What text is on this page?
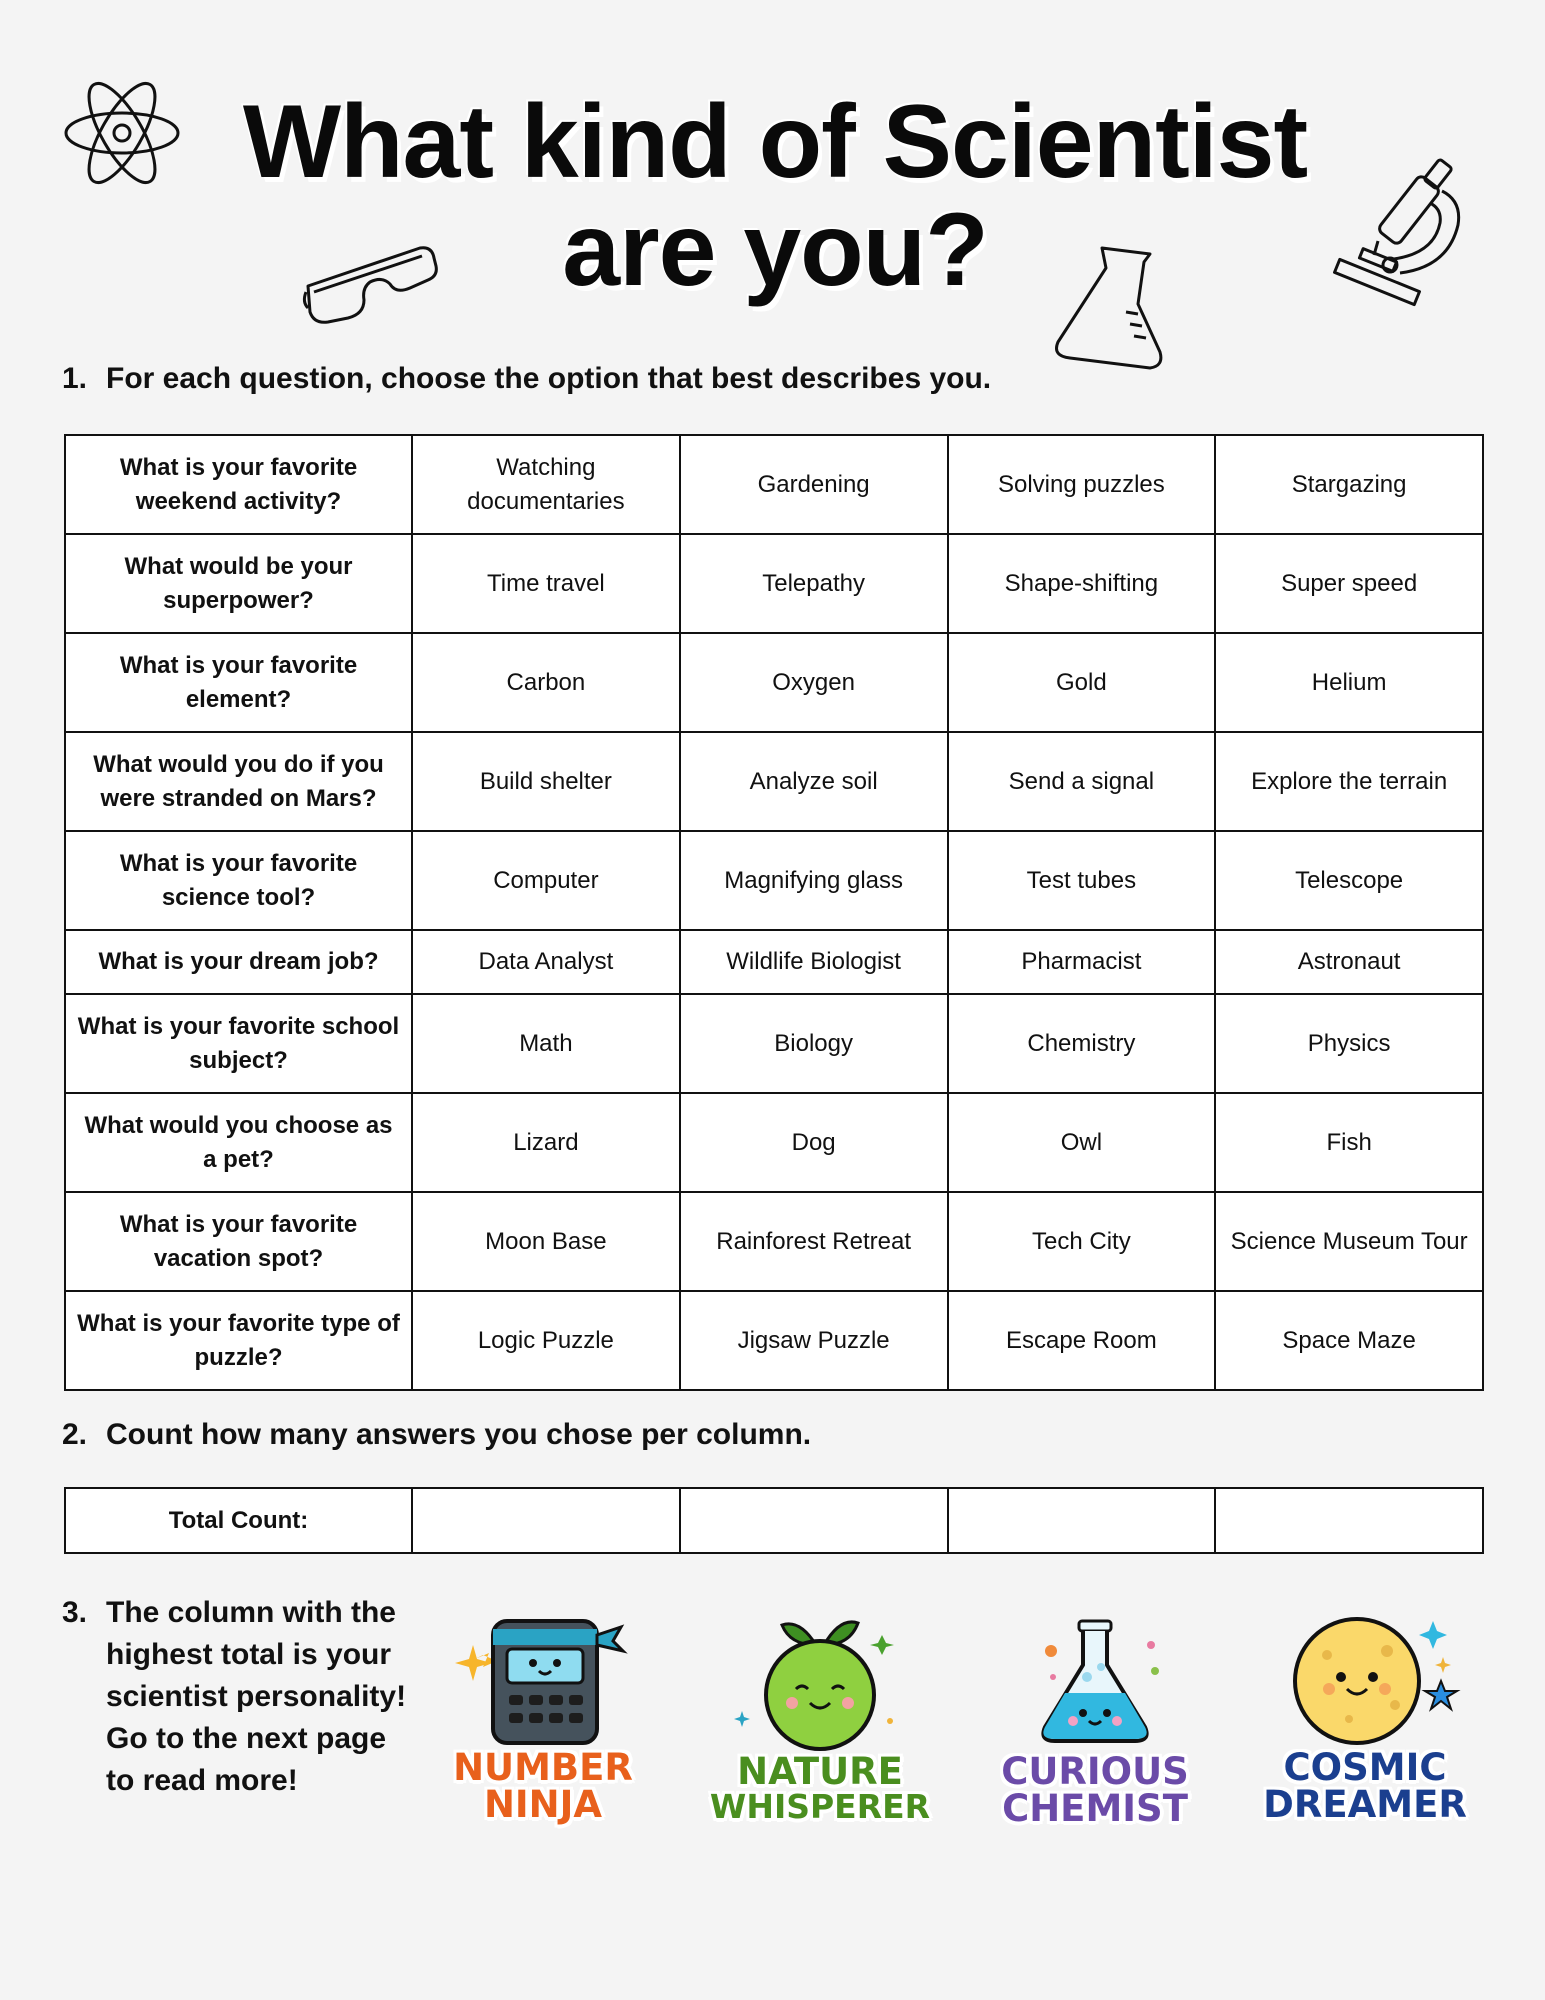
What kind of Scientist
are you?
1. For each question, choose the option that best describes you.
What is your favorite weekend activity?	Watching documentaries	Gardening	Solving puzzles	Stargazing
What would be your superpower?	Time travel	Telepathy	Shape-shifting	Super speed
What is your favorite element?	Carbon	Oxygen	Gold	Helium
What would you do if you were stranded on Mars?	Build shelter	Analyze soil	Send a signal	Explore the terrain
What is your favorite science tool?	Computer	Magnifying glass	Test tubes	Telescope
What is your dream job?	Data Analyst	Wildlife Biologist	Pharmacist	Astronaut
What is your favorite school subject?	Math	Biology	Chemistry	Physics
What would you choose as a pet?	Lizard	Dog	Owl	Fish
What is your favorite vacation spot?	Moon Base	Rainforest Retreat	Tech City	Science Museum Tour
What is your favorite type of puzzle?	Logic Puzzle	Jigsaw Puzzle	Escape Room	Space Maze
2. Count how many answers you chose per column.
Total Count:				
3. The column with the highest total is your scientist personality! Go to the next page to read more!	NUMBER
NINJA
NATURE
WHISPERER
CURIOUS
CHEMIST
COSMIC
DREAMER
